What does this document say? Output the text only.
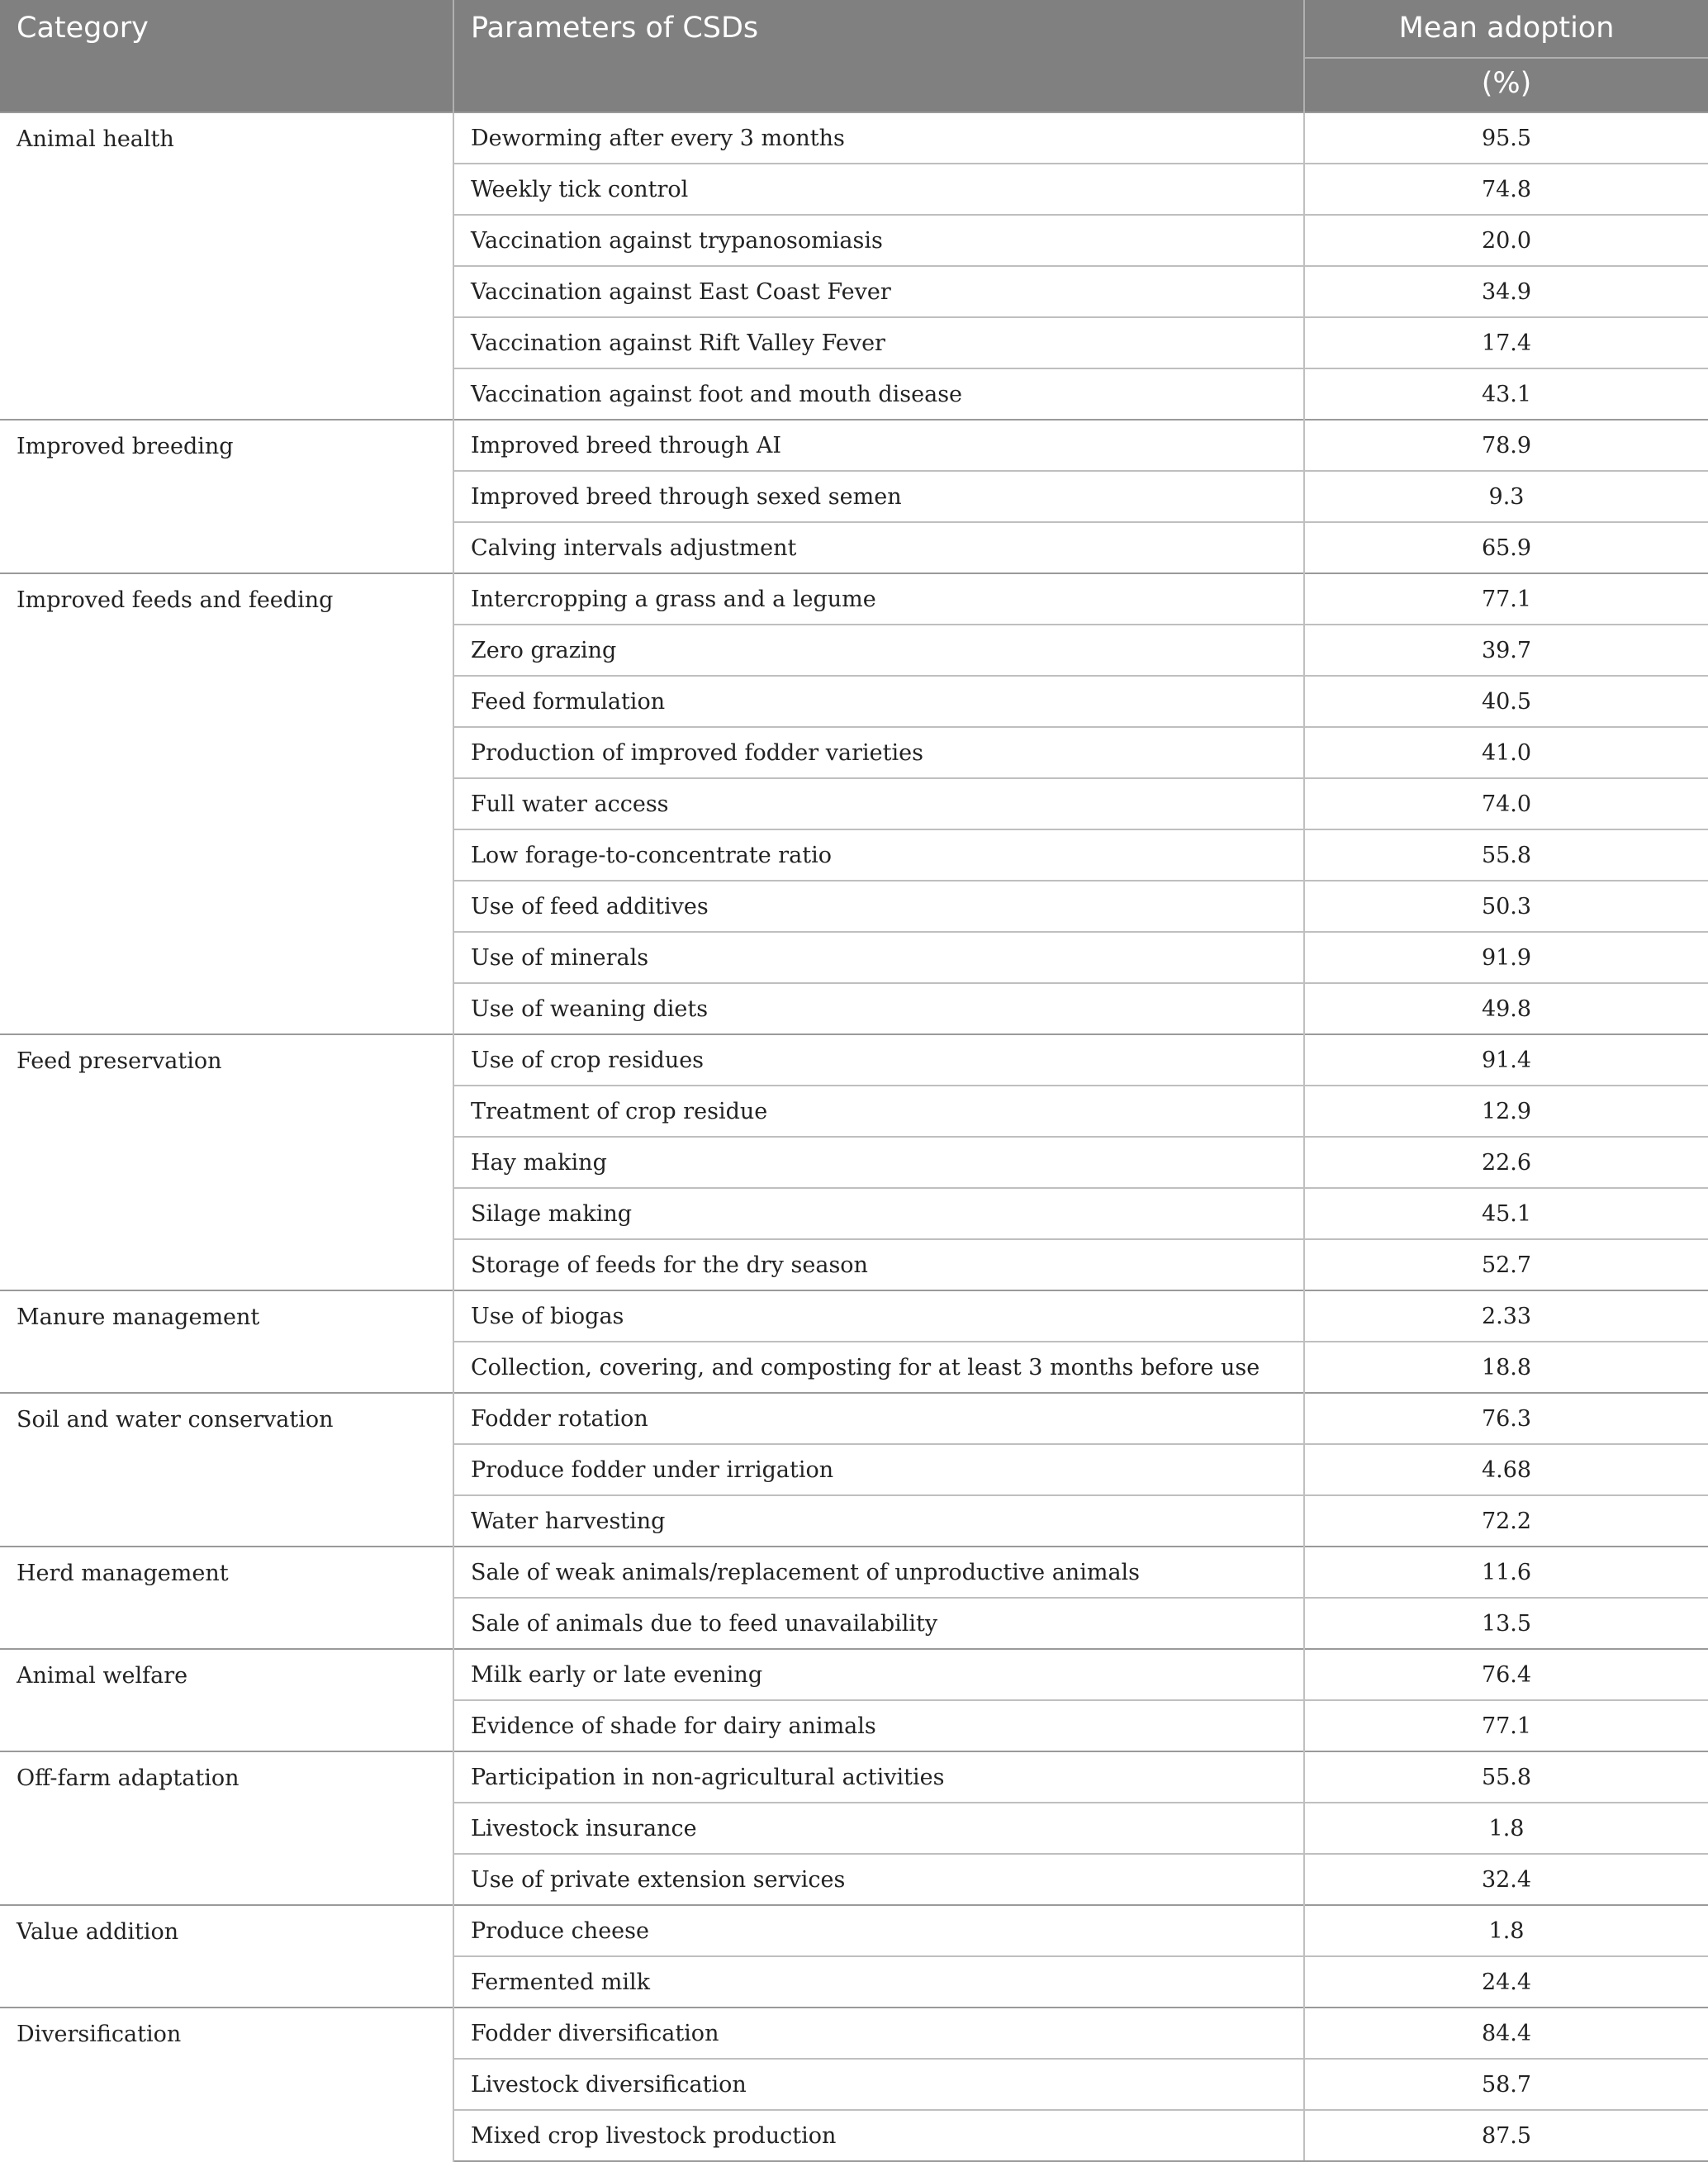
Category	Parameters of CSDs	Mean adoption
		(%)
Animal health	Deworming after every 3 months	95.5
	Weekly tick control	74.8
	Vaccination against trypanosomiasis	20.0
	Vaccination against East Coast Fever	34.9
	Vaccination against Rift Valley Fever	17.4
	Vaccination against foot and mouth disease	43.1
Improved breeding	Improved breed through AI	78.9
	Improved breed through sexed semen	9.3
	Calving intervals adjustment	65.9
Improved feeds and feeding	Intercropping a grass and a legume	77.1
	Zero grazing	39.7
	Feed formulation	40.5
	Production of improved fodder varieties	41.0
	Full water access	74.0
	Low forage-to-concentrate ratio	55.8
	Use of feed additives	50.3
	Use of minerals	91.9
	Use of weaning diets	49.8
Feed preservation	Use of crop residues	91.4
	Treatment of crop residue	12.9
	Hay making	22.6
	Silage making	45.1
	Storage of feeds for the dry season	52.7
Manure management	Use of biogas	2.33
	Collection, covering, and composting for at least 3 months before use	18.8
Soil and water conservation	Fodder rotation	76.3
	Produce fodder under irrigation	4.68
	Water harvesting	72.2
Herd management	Sale of weak animals/replacement of unproductive animals	11.6
	Sale of animals due to feed unavailability	13.5
Animal welfare	Milk early or late evening	76.4
	Evidence of shade for dairy animals	77.1
Off-farm adaptation	Participation in non-agricultural activities	55.8
	Livestock insurance	1.8
	Use of private extension services	32.4
Value addition	Produce cheese	1.8
	Fermented milk	24.4
Diversification	Fodder diversification	84.4
	Livestock diversification	58.7
	Mixed crop livestock production	87.5
